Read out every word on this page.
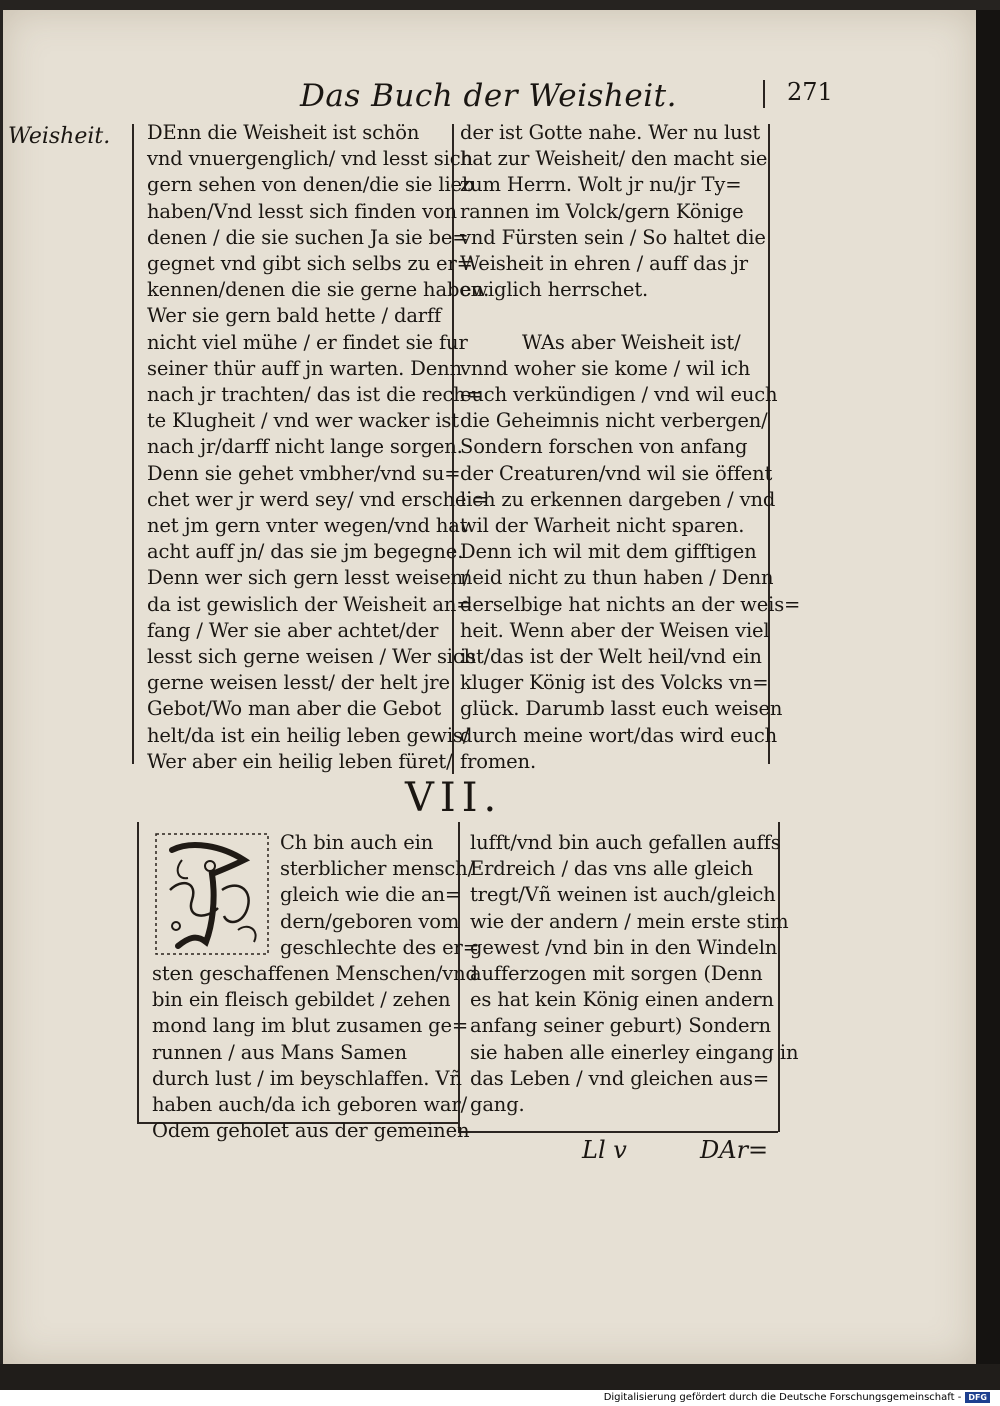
Das Buch der Weisheit.	271
Weisheit. DEnn die Weisheit ist schön
vnd vnuergenglich/ vnd lesst sich
gern sehen von denen/die sie lieb
haben/Vnd lesst sich finden von
denen / die sie suchen Ja sie be=
gegnet vnd gibt sich selbs zu er=
kennen/denen die sie gerne haben.
Wer sie gern bald hette / darff
nicht viel mühe / er findet sie fur
seiner thür auff jn warten. Denn
nach jr trachten/ das ist die rech=
te Klugheit / vnd wer wacker ist
nach jr/darff nicht lange sorgen.
Denn sie gehet vmbher/vnd su=
chet wer jr werd sey/ vnd erschei=
net jm gern vnter wegen/vnd hat
acht auff jn/ das sie jm begegne.
Denn wer sich gern lesst weisen/
da ist gewislich der Weisheit an=
fang / Wer sie aber achtet/der
lesst sich gerne weisen / Wer sich
gerne weisen lesst/ der helt jre
Gebot/Wo man aber die Gebot
helt/da ist ein heilig leben gewis/
Wer aber ein heilig leben füret/
der ist Gotte nahe. Wer nu lust
hat zur Weisheit/ den macht sie
zum Herrn. Wolt jr nu/jr Ty=
rannen im Volck/gern Könige
vnd Fürsten sein / So haltet die
Weisheit in ehren / auff das jr
ewiglich herrschet.

WAs aber Weisheit ist/
vnnd woher sie kome / wil ich
euch verkündigen / vnd wil euch
die Geheimnis nicht verbergen/
Sondern forschen von anfang
der Creaturen/vnd wil sie öffent
lich zu erkennen dargeben / vnd
wil der Warheit nicht sparen.
Denn ich wil mit dem gifftigen
neid nicht zu thun haben / Denn
derselbige hat nichts an der weis=
heit. Wenn aber der Weisen viel
ist/das ist der Welt heil/vnd ein
kluger König ist des Volcks vn=
glück. Darumb lasst euch weisen
durch meine wort/das wird euch
fromen.
VII.
Ch bin auch ein
sterblicher mensch/
gleich wie die an=
dern/geboren vom
geschlechte des er=
sten geschaffenen Menschen/vnd
bin ein fleisch gebildet / zehen
mond lang im blut zusamen ge=
runnen / aus Mans Samen
durch lust / im beyschlaffen. Vñ
haben auch/da ich geboren war/
Odem geholet aus der gemeinen
lufft/vnd bin auch gefallen auffs
Erdreich / das vns alle gleich
tregt/Vñ weinen ist auch/gleich
wie der andern / mein erste stim
gewest /vnd bin in den Windeln
aufferzogen mit sorgen (Denn
es hat kein König einen andern
anfang seiner geburt) Sondern
sie haben alle einerley eingang in
das Leben / vnd gleichen aus=
gang.
Ll v	DAr=
Digitalisierung gefördert durch die Deutsche Forschungsgemeinschaft - DFG
